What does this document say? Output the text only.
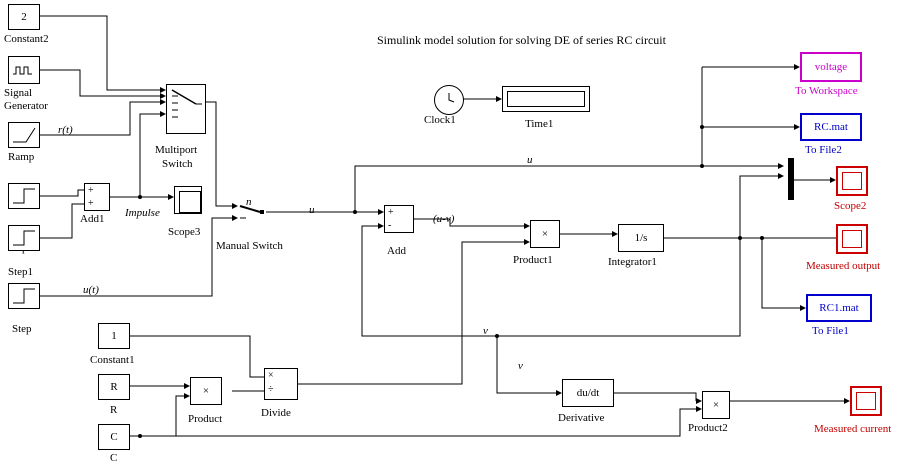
Simulink model solution for solving DE of series RC circuit
2
Constant2
Signal
Generator
Ramp
r(t)
Multiport
Switch
Step1
Step
u(t)
+
+
Add1 Impulse
Scope3
Manual Switch
n
u
u
Clock1	Time1
+
-
Add
(u-v)
×
Product1
1/s
Integrator1
1
Constant1
R
R
C
C
×
Product
×
÷
Divide
v
v
du/dt
Derivative
×
Product2
voltage
To Workspace
RC.mat
To File2
Scope2
Measured output
RC1.mat
To File1
Measured current
